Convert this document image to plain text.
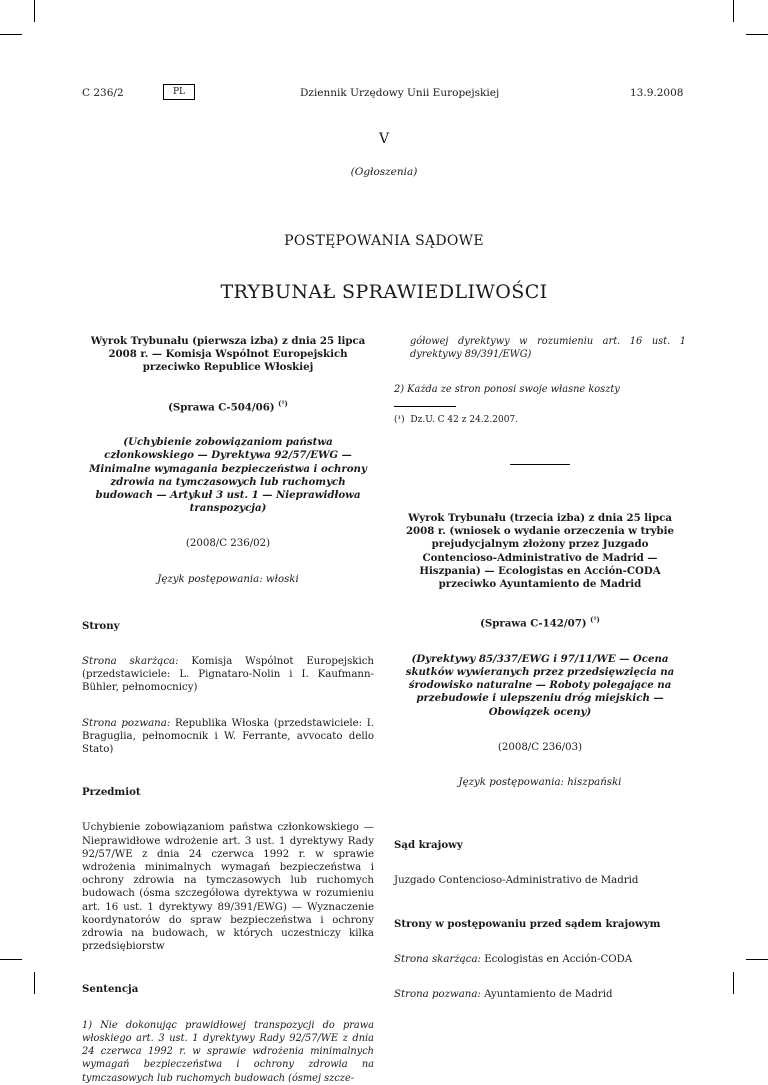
C 236/2	PL	Dziennik Urzędowy Unii Europejskiej	13.9.2008
V
(Ogłoszenia)
POSTĘPOWANIA SĄDOWE
TRYBUNAŁ SPRAWIEDLIWOŚCI

Wyrok Trybunału (pierwsza izba) z dnia 25 lipca 2008 r. — Komisja Wspólnot Europejskich przeciwko Republice Włoskiej

(Sprawa C-504/06) $^{(^1)}$

(Uchybienie zobowiązaniom państwa członkowskiego — Dyrektywa 92/57/EWG — Minimalne wymagania bezpieczeństwa i ochrony zdrowia na tymczasowych lub ruchomych budowach — Artykuł 3 ust. 1 — Nieprawidłowa transpozycja)

(2008/C 236/02)

Język postępowania: włoski

Strony

Strona skarżąca: Komisja Wspólnot Europejskich (przedstawiciele: L. Pignataro-Nolin i I. Kaufmann-Bühler, pełnomocnicy)

Strona pozwana: Republika Włoska (przedstawiciele: I. Braguglia, pełnomocnik i W. Ferrante, avvocato dello Stato)

Przedmiot

Uchybienie zobowiązaniom państwa członkowskiego — Nieprawidłowe wdrożenie art. 3 ust. 1 dyrektywy Rady 92/57/WE z dnia 24 czerwca 1992 r. w sprawie wdrożenia minimalnych wymagań bezpieczeństwa i ochrony zdrowia na tymczasowych lub ruchomych budowach (ósma szczegółowa dyrektywa w rozumieniu art. 16 ust. 1 dyrektywy 89/391/EWG) — Wyznaczenie koordynatorów do spraw bezpieczeństwa i ochrony zdrowia na budowach, w których uczestniczy kilka przedsiębiorstw

Sentencja

1) Nie dokonując prawidłowej transpozycji do prawa włoskiego art. 3 ust. 1 dyrektywy Rady 92/57/WE z dnia 24 czerwca 1992 r. w sprawie wdrożenia minimalnych wymagań bezpieczeństwa i ochrony zdrowia na tymczasowych lub ruchomych budowach (ósmej szcze-

gółowej dyrektywy w rozumieniu art. 16 ust. 1 dyrektywy 89/391/EWG)

2) Każda ze stron ponosi swoje własne koszty

(¹) Dz.U. C 42 z 24.2.2007.

Wyrok Trybunału (trzecia izba) z dnia 25 lipca 2008 r. (wniosek o wydanie orzeczenia w trybie prejudycjalnym złożony przez Juzgado Contencioso-Administrativo de Madrid — Hiszpania) — Ecologistas en Acción-CODA przeciwko Ayuntamiento de Madrid

(Sprawa C-142/07) $^{(^1)}$

(Dyrektywy 85/337/EWG i 97/11/WE — Ocena skutków wywieranych przez przedsięwzięcia na środowisko naturalne — Roboty polegające na przebudowie i ulepszeniu dróg miejskich — Obowiązek oceny)

(2008/C 236/03)

Język postępowania: hiszpański

Sąd krajowy

Juzgado Contencioso-Administrativo de Madrid

Strony w postępowaniu przed sądem krajowym

Strona skarżąca: Ecologistas en Acción-CODA

Strona pozwana: Ayuntamiento de Madrid
